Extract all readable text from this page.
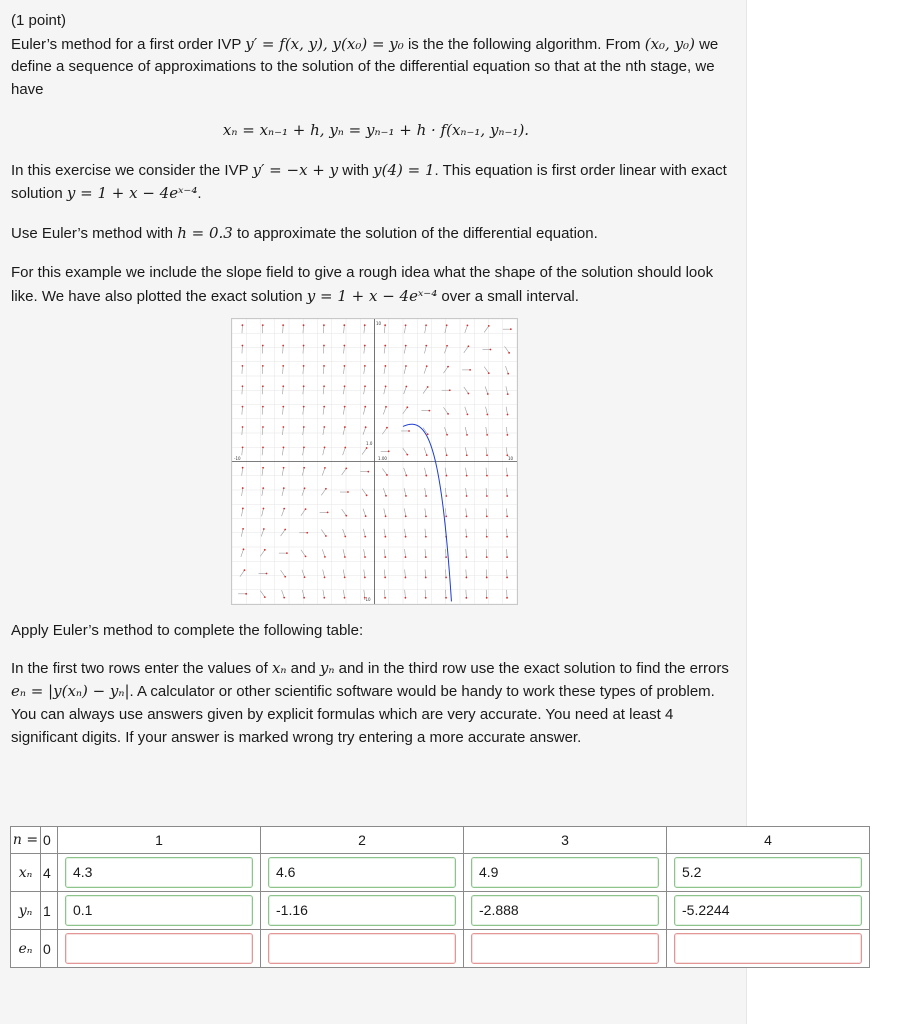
(1 point)

Euler’s method for a first order IVP y′ = f(x, y), y(x₀) = y₀ is the the following algorithm. From (x₀, y₀) we define a sequence of approximations to the solution of the differential equation so that at the nth stage, we have

xₙ = xₙ₋₁ + h, yₙ = yₙ₋₁ + h · f(xₙ₋₁, yₙ₋₁).

In this exercise we consider the IVP y′ = −x + y with y(4) = 1. This equation is first order linear with exact solution y = 1 + x − 4eˣ⁻⁴.

Use Euler’s method with h = 0.3 to approximate the solution of the differential equation.

For this example we include the slope field to give a rough idea what the shape of the solution should look like. We have also plotted the exact solution y = 1 + x − 4eˣ⁻⁴ over a small interval.

10
-10
-10	10
1.00
1.0
Apply Euler’s method to complete the following table:
In the first two rows enter the values of xₙ and yₙ and in the third row use the exact solution to find the errors eₙ = |y(xₙ) − yₙ|. A calculator or other scientific software would be handy to work these types of problem. You can always use answers given by explicit formulas which are very accurate. You need at least 4 significant digits. If your answer is marked wrong try entering a more accurate answer.
n =	0	1	2	3	4
xₙ	4	4.3	4.6	4.9	5.2

yₙ	1	0.1	-1.16	-2.888	-5.2244

eₙ	0	
